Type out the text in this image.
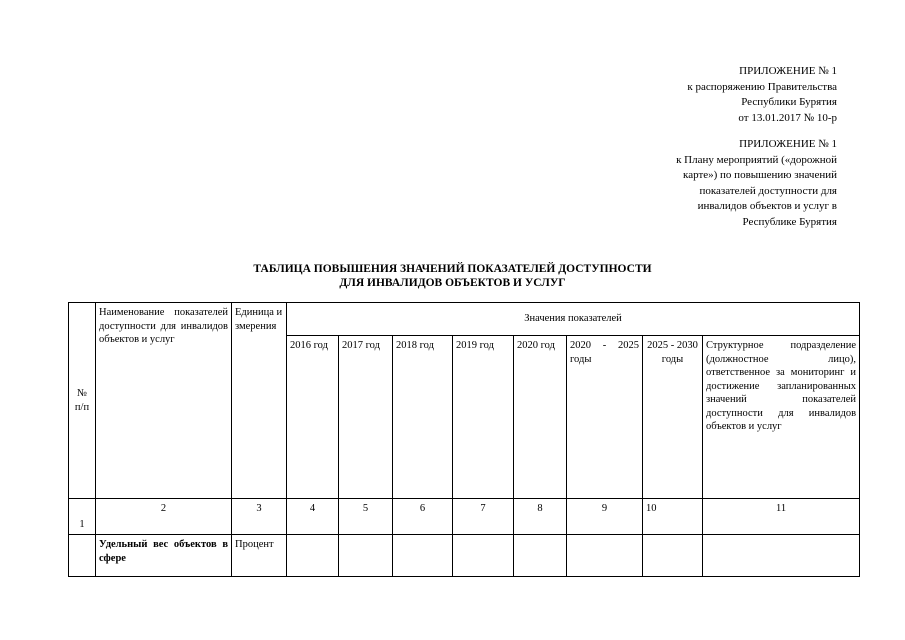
ПРИЛОЖЕНИЕ № 1
к распоряжению Правительства
Республики Бурятия
от 13.01.2017 № 10-р
ПРИЛОЖЕНИЕ № 1
к Плану мероприятий («дорожной
карте») по повышению значений
показателей доступности для
инвалидов объектов и услуг в
Республике Бурятия
ТАБЛИЦА ПОВЫШЕНИЯ ЗНАЧЕНИЙ ПОКАЗАТЕЛЕЙ ДОСТУПНОСТИ
ДЛЯ ИНВАЛИДОВ ОБЪЕКТОВ И УСЛУГ
№ п/п	Наименование показателей доступности для инвалидов объектов и услуг	Единица измерения	Значения показателей							
			2016 год	2017 год	2018 год	2019 год	2020 год	2020 - 2025 годы	2025 - 2030 годы	Структурное подразделение (должностное лицо), ответственное за мониторинг и достижение запланированных значений показателей доступности для инвалидов объектов и услуг
1	2	3	4	5	6	7	8	9	10	11
	Удельный вес объектов в сфере	Процент								
